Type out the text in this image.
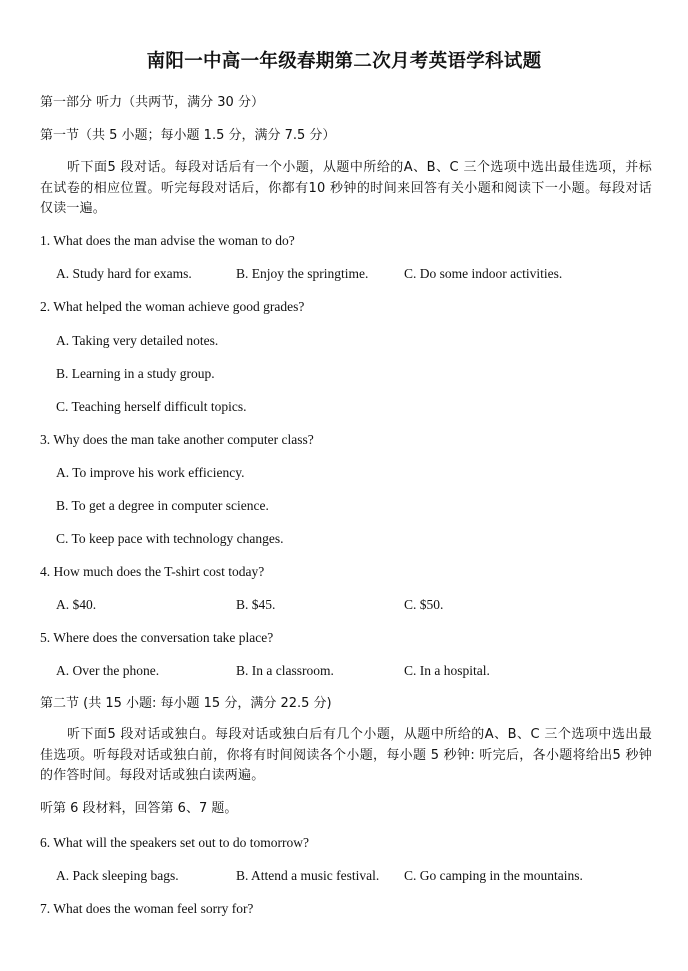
南阳一中高一年级春期第二次月考英语学科试题
第一部分 听力（共两节，满分 30 分）
第一节（共 5 小题；每小题 1.5 分，满分 7.5 分）
听下面5 段对话。每段对话后有一个小题，从题中所给的A、B、C 三个选项中选出最佳选项，并标在试卷的相应位置。听完每段对话后，你都有10 秒钟的时间来回答有关小题和阅读下一小题。每段对话仅读一遍。
1. What does the man advise the woman to do?
A. Study hard for exams.	B. Enjoy the springtime.	C. Do some indoor activities.
2. What helped the woman achieve good grades?
A. Taking very detailed notes.
B. Learning in a study group.
C. Teaching herself difficult topics.
3. Why does the man take another computer class?
A. To improve his work efficiency.
B. To get a degree in computer science.
C. To keep pace with technology changes.
4. How much does the T-shirt cost today?
A. $40.	B. $45.	C. $50.
5. Where does the conversation take place?
A. Over the phone.	B. In a classroom.	C. In a hospital.
第二节 (共 15 小题: 每小题 15 分，满分 22.5 分)
听下面5 段对话或独白。每段对话或独白后有几个小题，从题中所给的A、B、C 三个选项中选出最佳选项。听每段对话或独白前，你将有时间阅读各个小题，每小题 5 秒钟: 听完后，各小题将给出5 秒钟的作答时间。每段对话或独白读两遍。
听第 6 段材料，回答第 6、7 题。
6. What will the speakers set out to do tomorrow?
A. Pack sleeping bags.	B. Attend a music festival. C. Go camping in the mountains.
7. What does the woman feel sorry for?
